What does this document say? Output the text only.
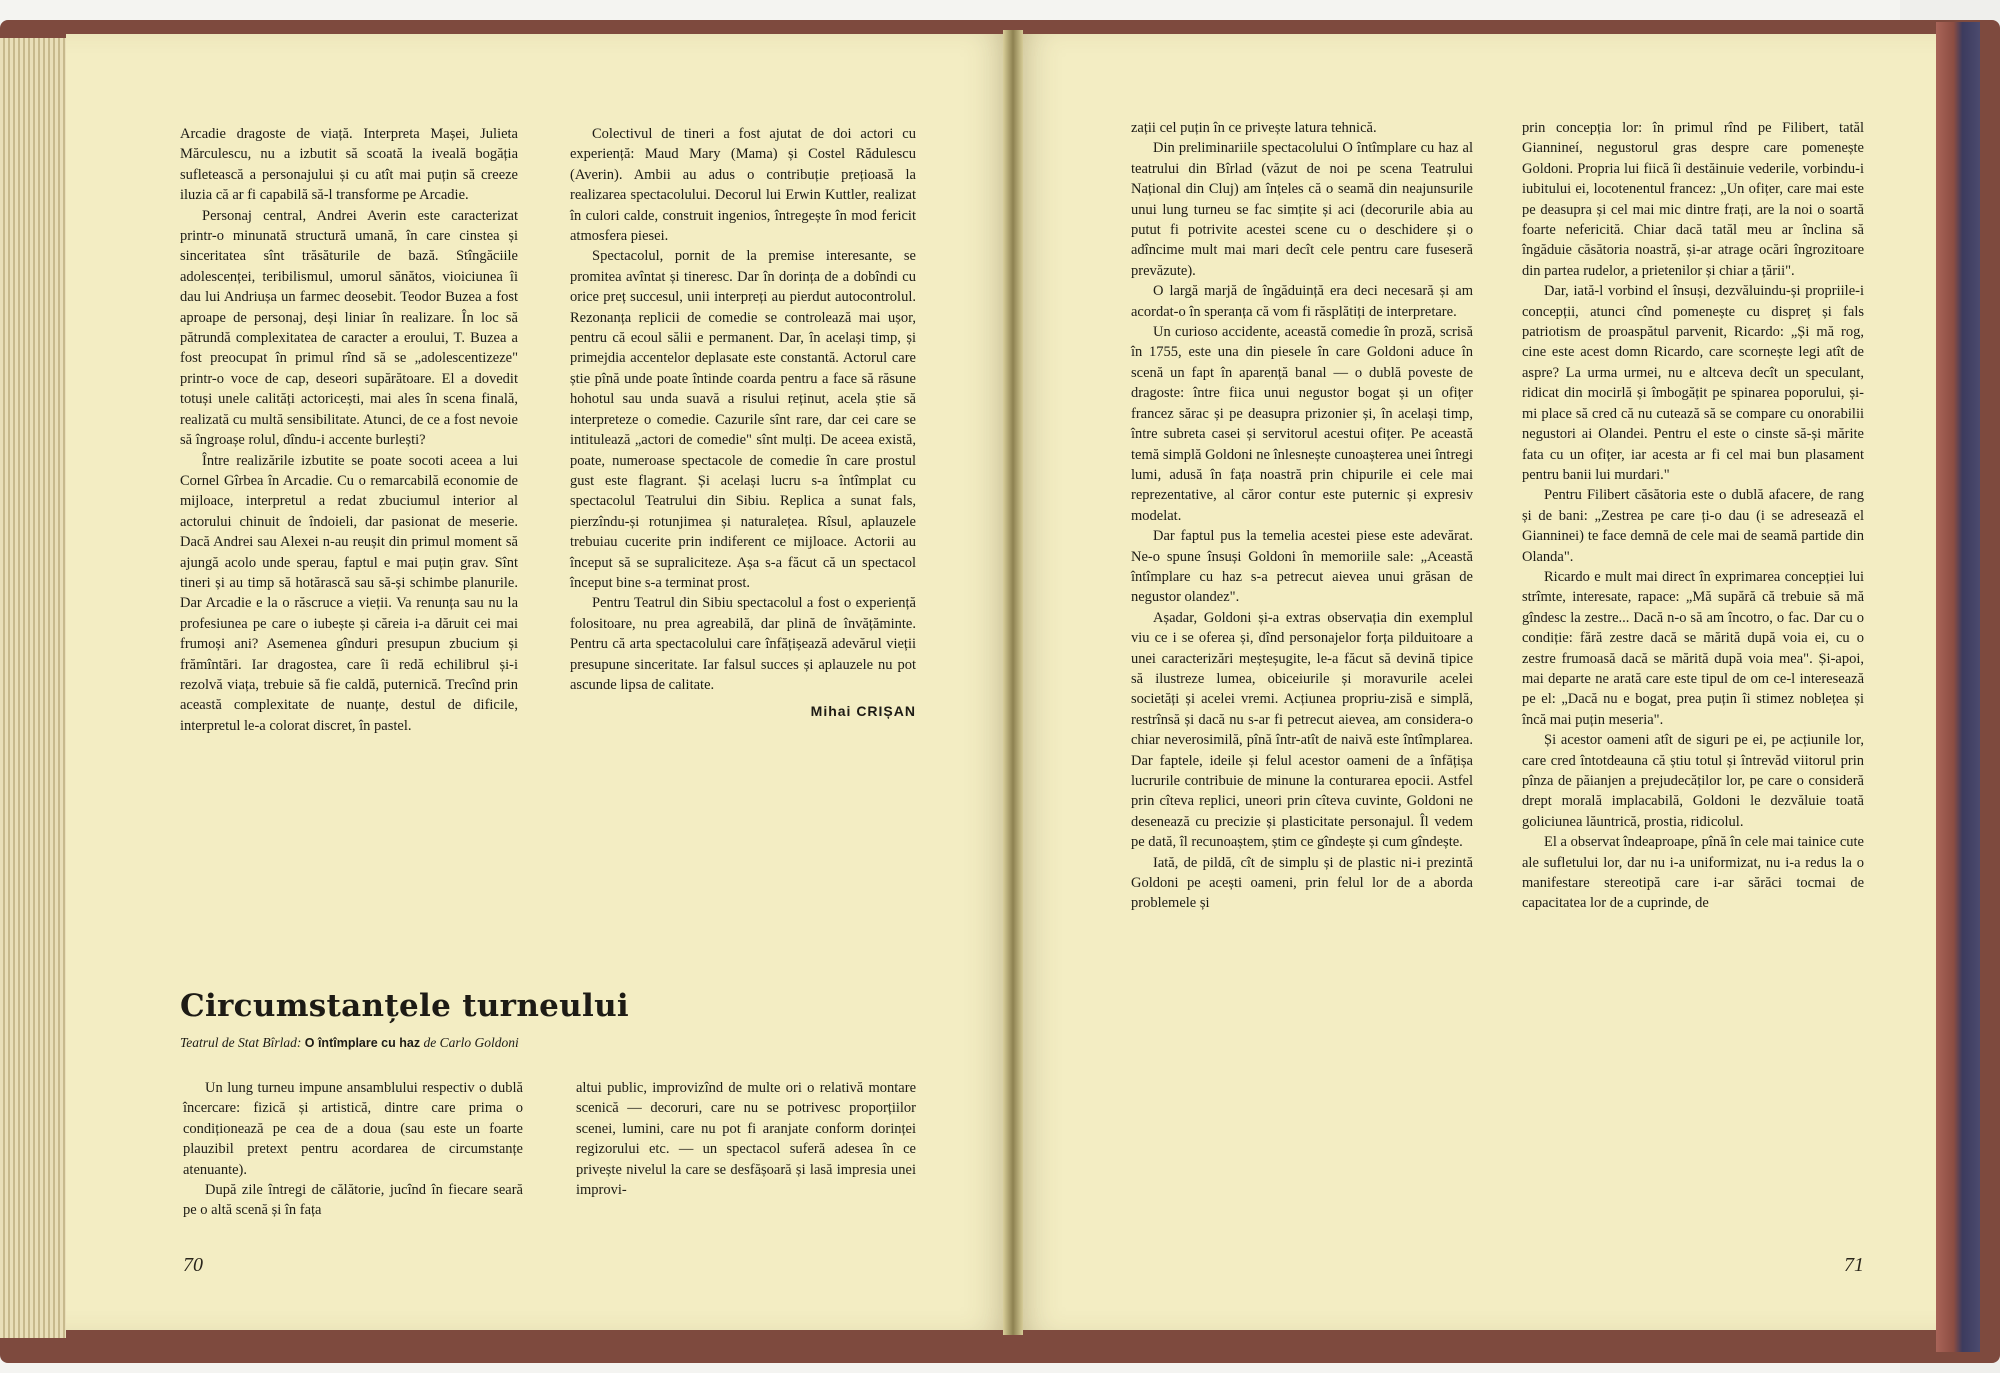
Arcadie dragoste de viață. Interpreta Mașei, Julieta Mărculescu, nu a izbutit să scoată la iveală bogăția sufletească a personajului și cu atît mai puțin să creeze iluzia că ar fi capabilă să-l transforme pe Arcadie.

Personaj central, Andrei Averin este caracterizat printr-o minunată structură umană, în care cinstea și sinceritatea sînt trăsăturile de bază. Stîngăciile adolescenței, teribilismul, umorul sănătos, vioiciunea îi dau lui Andriușa un farmec deosebit. Teodor Buzea a fost aproape de personaj, deși liniar în realizare. În loc să pătrundă complexitatea de caracter a eroului, T. Buzea a fost preocupat în primul rînd să se „adolescentizeze" printr-o voce de cap, deseori supărătoare. El a dovedit totuși unele calități actoricești, mai ales în scena finală, realizată cu multă sensibilitate. Atunci, de ce a fost nevoie să îngroașe rolul, dîndu-i accente burlești?

Între realizările izbutite se poate socoti aceea a lui Cornel Gîrbea în Arcadie. Cu o remarcabilă economie de mijloace, interpretul a redat zbuciumul interior al actorului chinuit de îndoieli, dar pasionat de meserie. Dacă Andrei sau Alexei n-au reușit din primul moment să ajungă acolo unde sperau, faptul e mai puțin grav. Sînt tineri și au timp să hotărască sau să-și schimbe planurile. Dar Arcadie e la o răscruce a vieții. Va renunța sau nu la profesiunea pe care o iubește și căreia i-a dăruit cei mai frumoși ani? Asemenea gînduri presupun zbucium și frămîntări. Iar dragostea, care îi redă echilibrul și-i rezolvă viața, trebuie să fie caldă, puternică. Trecînd prin această complexitate de nuanțe, destul de dificile, interpretul le-a colorat discret, în pastel.

Colectivul de tineri a fost ajutat de doi actori cu experiență: Maud Mary (Mama) și Costel Rădulescu (Averin). Ambii au adus o contribuție prețioasă la realizarea spectacolului. Decorul lui Erwin Kuttler, realizat în culori calde, construit ingenios, întregește în mod fericit atmosfera piesei.

Spectacolul, pornit de la premise interesante, se promitea avîntat și tineresc. Dar în dorința de a dobîndi cu orice preț succesul, unii interpreți au pierdut autocontrolul. Rezonanța replicii de comedie se controlează mai ușor, pentru că ecoul sălii e permanent. Dar, în același timp, și primejdia accentelor deplasate este constantă. Actorul care știe pînă unde poate întinde coarda pentru a face să răsune hohotul sau unda suavă a risului reținut, acela știe să interpreteze o comedie. Cazurile sînt rare, dar cei care se intitulează „actori de comedie" sînt mulți. De aceea există, poate, numeroase spectacole de comedie în care prostul gust este flagrant. Și același lucru s-a întîmplat cu spectacolul Teatrului din Sibiu. Replica a sunat fals, pierzîndu-și rotunjimea și naturalețea. Rîsul, aplauzele trebuiau cucerite prin indiferent ce mijloace. Actorii au început să se supraliciteze. Așa s-a făcut că un spectacol început bine s-a terminat prost.

Pentru Teatrul din Sibiu spectacolul a fost o experiență folositoare, nu prea agreabilă, dar plină de învățăminte. Pentru că arta spectacolului care înfățișează adevărul vieții presupune sinceritate. Iar falsul succes și aplauzele nu pot ascunde lipsa de calitate.

Mihai CRIȘAN
Circumstanțele turneului
Teatrul de Stat Bîrlad: O întîmplare cu haz de Carlo Goldoni

Un lung turneu impune ansamblului respectiv o dublă încercare: fizică și artistică, dintre care prima o condiționează pe cea de a doua (sau este un foarte plauzibil pretext pentru acordarea de circumstanțe atenuante).

După zile întregi de călătorie, jucînd în fiecare seară pe o altă scenă și în fața

altui public, improvizînd de multe ori o relativă montare scenică — decoruri, care nu se potrivesc proporțiilor scenei, lumini, care nu pot fi aranjate conform dorinței regizorului etc. — un spectacol suferă adesea în ce privește nivelul la care se desfășoară și lasă impresia unei improvi-

70

zații cel puțin în ce privește latura tehnică.

Din preliminariile spectacolului O întîmplare cu haz al teatrului din Bîrlad (văzut de noi pe scena Teatrului Național din Cluj) am înțeles că o seamă din neajunsurile unui lung turneu se fac simțite și aci (decorurile abia au putut fi potrivite acestei scene cu o deschidere și o adîncime mult mai mari decît cele pentru care fuseseră prevăzute).

O largă marjă de îngăduință era deci necesară și am acordat-o în speranța că vom fi răsplătiți de interpretare.

Un curioso accidente, această comedie în proză, scrisă în 1755, este una din piesele în care Goldoni aduce în scenă un fapt în aparență banal — o dublă poveste de dragoste: între fiica unui negustor bogat și un ofițer francez sărac și pe deasupra prizonier și, în același timp, între subreta casei și servitorul acestui ofițer. Pe această temă simplă Goldoni ne înlesnește cunoașterea unei întregi lumi, adusă în fața noastră prin chipurile ei cele mai reprezentative, al căror contur este puternic și expresiv modelat.

Dar faptul pus la temelia acestei piese este adevărat. Ne-o spune însuși Goldoni în memoriile sale: „Această întîmplare cu haz s-a petrecut aievea unui grăsan de negustor olandez".

Așadar, Goldoni și-a extras observația din exemplul viu ce i se oferea și, dînd personajelor forța pilduitoare a unei caracterizări meșteșugite, le-a făcut să devină tipice să ilustreze lumea, obiceiurile și moravurile acelei societăți și acelei vremi. Acțiunea propriu-zisă e simplă, restrînsă și dacă nu s-ar fi petrecut aievea, am considera-o chiar neverosimilă, pînă într-atît de naivă este întîmplarea. Dar faptele, ideile și felul acestor oameni de a înfățișa lucrurile contribuie de minune la conturarea epocii. Astfel prin cîteva replici, uneori prin cîteva cuvinte, Goldoni ne desenează cu precizie și plasticitate personajul. Îl vedem pe dată, îl recunoaștem, știm ce gîndește și cum gîndește.

Iată, de pildă, cît de simplu și de plastic ni-i prezintă Goldoni pe acești oameni, prin felul lor de a aborda problemele și

prin concepția lor: în primul rînd pe Filibert, tatăl Giannineí, negustorul gras despre care pomenește Goldoni. Propria lui fiică îi destăinuie vederile, vorbindu-i iubitului ei, locotenentul francez: „Un ofițer, care mai este pe deasupra și cel mai mic dintre frați, are la noi o soartă foarte nefericită. Chiar dacă tatăl meu ar înclina să îngăduie căsătoria noastră, și-ar atrage ocări îngrozitoare din partea rudelor, a prietenilor și chiar a țării".

Dar, iată-l vorbind el însuși, dezvăluindu-și propriile-i concepții, atunci cînd pomenește cu dispreț și fals patriotism de proaspătul parvenit, Ricardo: „Și mă rog, cine este acest domn Ricardo, care scornește legi atît de aspre? La urma urmei, nu e altceva decît un speculant, ridicat din mocirlă și îmbogățit pe spinarea poporului, și-mi place să cred că nu cutează să se compare cu onorabilii negustori ai Olandei. Pentru el este o cinste să-și mărite fata cu un ofițer, iar acesta ar fi cel mai bun plasament pentru banii lui murdari."

Pentru Filibert căsătoria este o dublă afacere, de rang și de bani: „Zestrea pe care ți-o dau (i se adresează el Gianninei) te face demnă de cele mai de seamă partide din Olanda".

Ricardo e mult mai direct în exprimarea concepției lui strîmte, interesate, rapace: „Mă supără că trebuie să mă gîndesc la zestre... Dacă n-o să am încotro, o fac. Dar cu o condiție: fără zestre dacă se mărită după voia ei, cu o zestre frumoasă dacă se mărită după voia mea". Și-apoi, mai departe ne arată care este tipul de om ce-l interesează pe el: „Dacă nu e bogat, prea puțin îi stimez noblețea și încă mai puțin meseria".

Și acestor oameni atît de siguri pe ei, pe acțiunile lor, care cred întotdeauna că știu totul și întrevăd viitorul prin pînza de păianjen a prejudecăților lor, pe care o consideră drept morală implacabilă, Goldoni le dezvăluie toată goliciunea lăuntrică, prostia, ridicolul.

El a observat îndeaproape, pînă în cele mai tainice cute ale sufletului lor, dar nu i-a uniformizat, nu i-a redus la o manifestare stereotipă care i-ar sărăci tocmai de capacitatea lor de a cuprinde, de

71
